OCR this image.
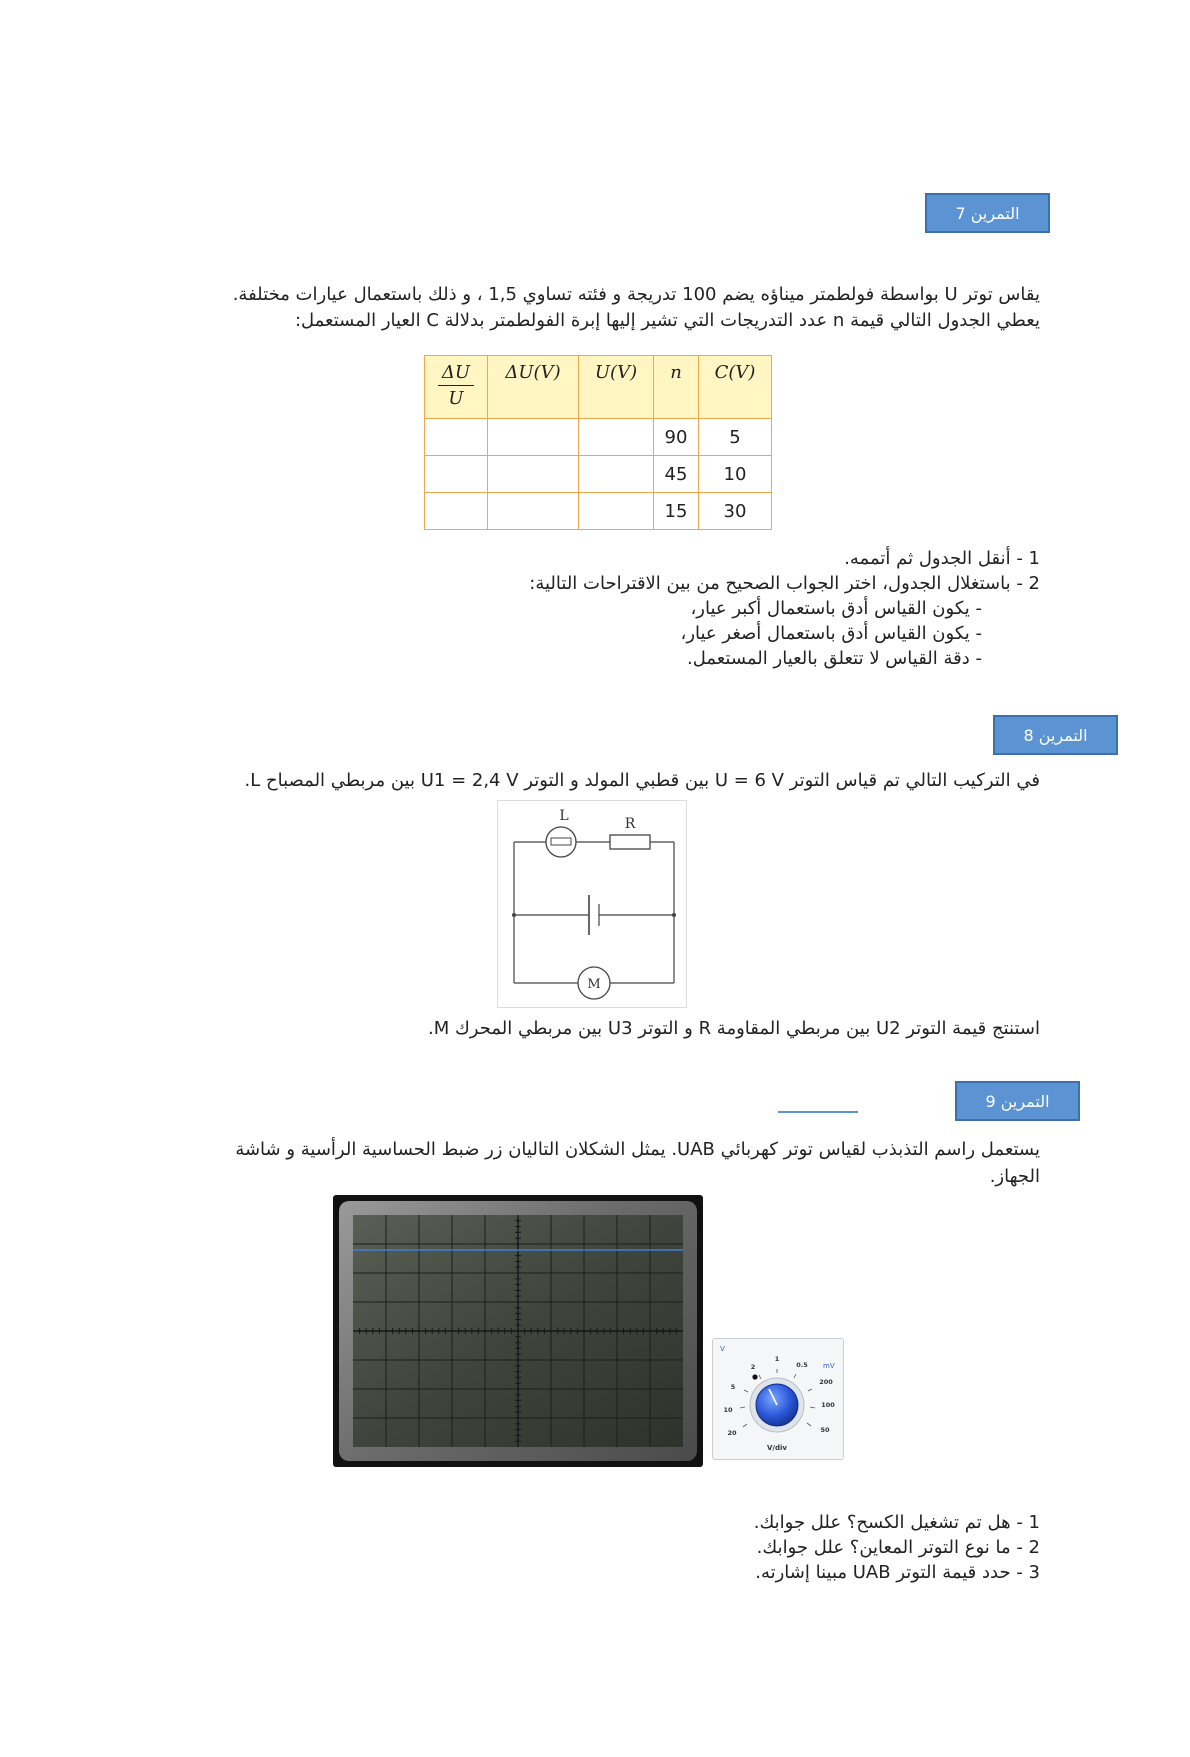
التمرين 7
يقاس توتر U بواسطة فولطمتر ميناؤه يضم 100 تدريجة و فئته تساوي 1,5 ، و ذلك باستعمال عيارات مختلفة.
يعطي الجدول التالي قيمة n عدد التدريجات التي تشير إليها إبرة الفولطمتر بدلالة C العيار المستعمل:
$\frac{\Delta U}{U}$	ΔU(V)	U(V)	n	C(V)
			90	5
			45	10
			15	30
1 - أنقل الجدول ثم أتممه.
2 - باستغلال الجدول، اختر الجواب الصحيح من بين الاقتراحات التالية:
- يكون القياس أدق باستعمال أكبر عيار،
- يكون القياس أدق باستعمال أصغر عيار،
- دقة القياس لا تتعلق بالعيار المستعمل.
التمرين 8
في التركيب التالي تم قياس التوتر U = 6 V بين قطبي المولد و التوتر U1 = 2,4 V بين مربطي المصباح L.
L	R
M
استنتج قيمة التوتر U2 بين مربطي المقاومة R و التوتر U3 بين مربطي المحرك M.
التمرين 9
يستعمل راسم التذبذب لقياس توتر كهربائي UAB. يمثل الشكلان التاليان زر ضبط الحساسية الرأسية و شاشة
الجهاز.
V
mV
20
10
5
2
1
0.5
200
100
50
V/div
1 - هل تم تشغيل الكسح؟ علل جوابك.
2 - ما نوع التوتر المعاين؟ علل جوابك.
3 - حدد قيمة التوتر UAB مبينا إشارته.
